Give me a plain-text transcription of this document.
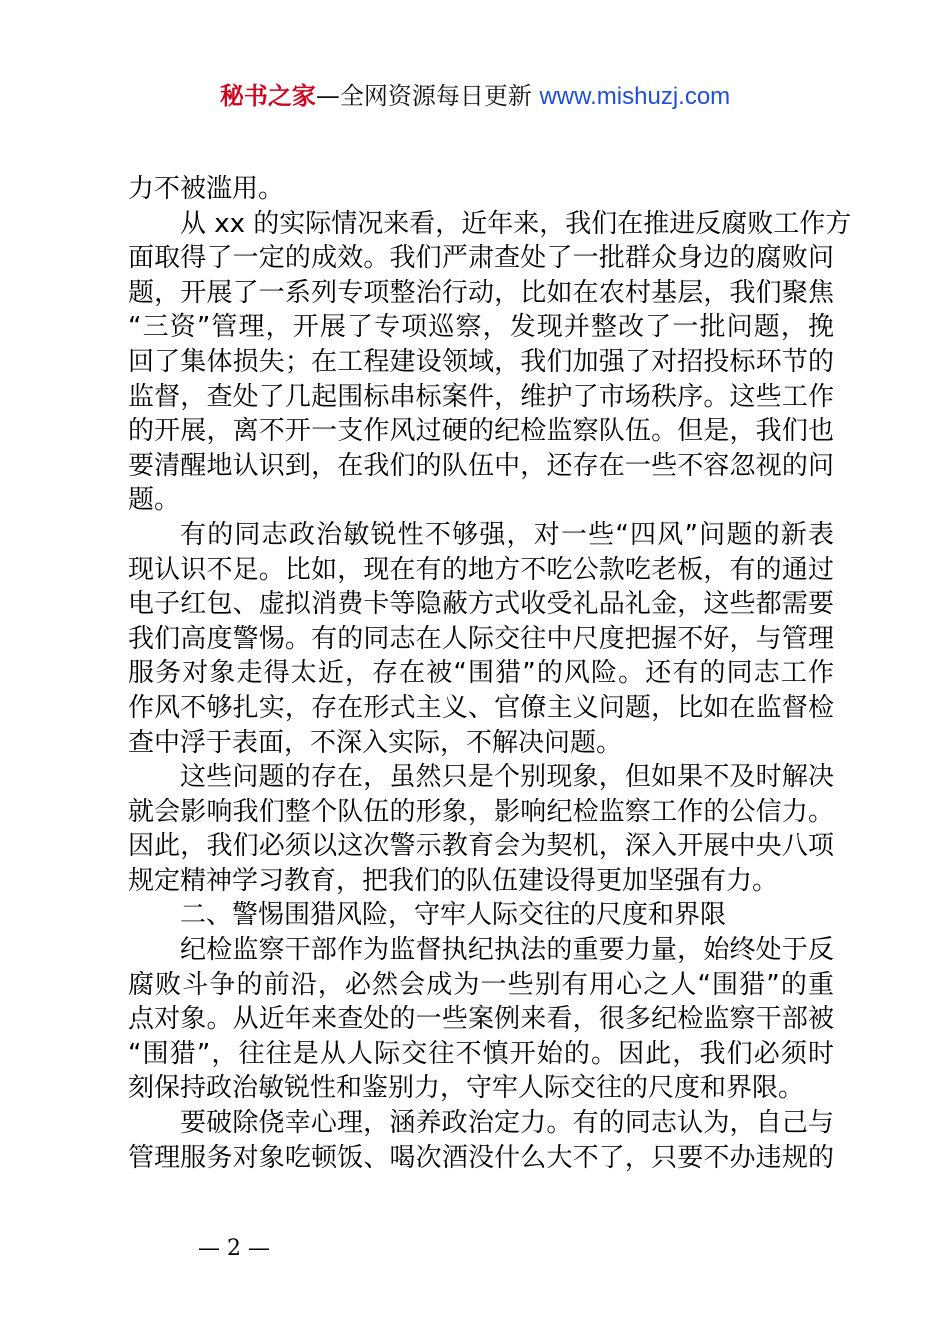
秘书之家—全网资源每日更新 www.mishuzj.com
力不被滥用。
从 xx 的实际情况来看，近年来，我们在推进反腐败工作方
面取得了一定的成效。我们严肃查处了一批群众身边的腐败问
题，开展了一系列专项整治行动，比如在农村基层，我们聚焦
“三资”管理，开展了专项巡察，发现并整改了一批问题，挽
回了集体损失；在工程建设领域，我们加强了对招投标环节的
监督，查处了几起围标串标案件，维护了市场秩序。这些工作
的开展，离不开一支作风过硬的纪检监察队伍。但是，我们也
要清醒地认识到，在我们的队伍中，还存在一些不容忽视的问
题。
有的同志政治敏锐性不够强，对一些“四风”问题的新表
现认识不足。比如，现在有的地方不吃公款吃老板，有的通过
电子红包、虚拟消费卡等隐蔽方式收受礼品礼金，这些都需要
我们高度警惕。有的同志在人际交往中尺度把握不好，与管理
服务对象走得太近，存在被“围猎”的风险。还有的同志工作
作风不够扎实，存在形式主义、官僚主义问题，比如在监督检
查中浮于表面，不深入实际，不解决问题。
这些问题的存在，虽然只是个别现象，但如果不及时解决
就会影响我们整个队伍的形象，影响纪检监察工作的公信力。
因此，我们必须以这次警示教育会为契机，深入开展中央八项
规定精神学习教育，把我们的队伍建设得更加坚强有力。
二、警惕围猎风险，守牢人际交往的尺度和界限
纪检监察干部作为监督执纪执法的重要力量，始终处于反
腐败斗争的前沿，必然会成为一些别有用心之人“围猎”的重
点对象。从近年来查处的一些案例来看，很多纪检监察干部被
“围猎”，往往是从人际交往不慎开始的。因此，我们必须时
刻保持政治敏锐性和鉴别力，守牢人际交往的尺度和界限。
要破除侥幸心理，涵养政治定力。有的同志认为，自己与
管理服务对象吃顿饭、喝次酒没什么大不了，只要不办违规的
— 2 —
